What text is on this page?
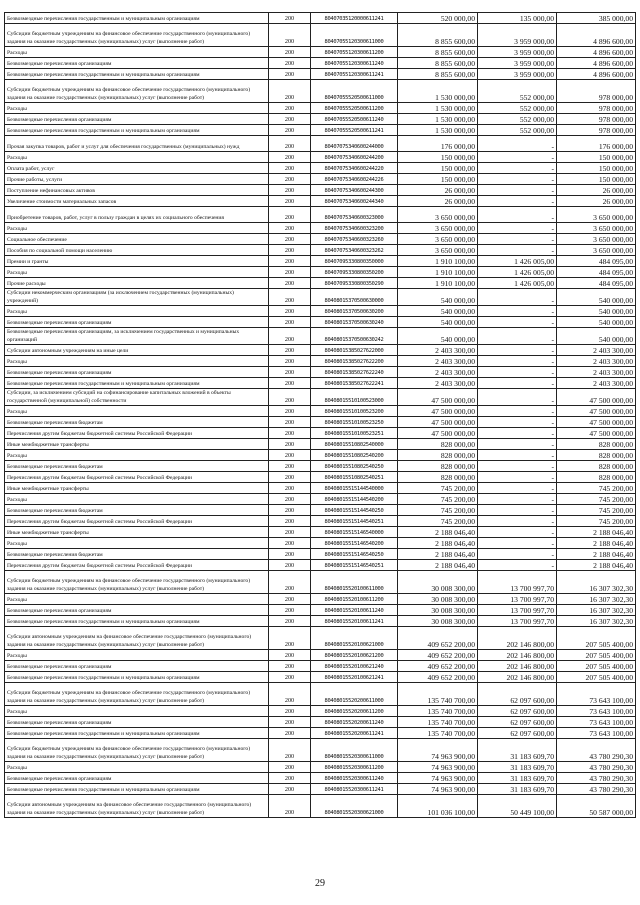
Безвозмездные перечисления государственным и муниципальным организациям	200	80407035120000611241	520 000,00	135 000,00	385 000,00
Субсидии бюджетным учреждениям на финансовое обеспечение государственного (муниципального) задания на оказание государственных (муниципальных) услуг (выполнение работ)	200	80407055120300611000	8 855 600,00	3 959 000,00	4 896 600,00
Расходы	200	80407055120300611200	8 855 600,00	3 959 000,00	4 896 600,00
Безвозмездные перечисления организациям	200	80407055120300611240	8 855 600,00	3 959 000,00	4 896 600,00
Безвозмездные перечисления государственным и муниципальным организациям	200	80407055120300611241	8 855 600,00	3 959 000,00	4 896 600,00
Субсидии бюджетным учреждениям на финансовое обеспечение государственного (муниципального) задания на оказание государственных (муниципальных) услуг (выполнение работ)	200	80407055520500611000	1 530 000,00	552 000,00	978 000,00
Расходы	200	80407055520500611200	1 530 000,00	552 000,00	978 000,00
Безвозмездные перечисления организациям	200	80407055520500611240	1 530 000,00	552 000,00	978 000,00
Безвозмездные перечисления государственным и муниципальным организациям	200	80407055520500611241	1 530 000,00	552 000,00	978 000,00
Прочая закупка товаров, работ и услуг для обеспечения государственных (муниципальных) нужд	200	80407075340600244000	176 000,00	-	176 000,00
Расходы	200	80407075340600244200	150 000,00	-	150 000,00
Оплата работ, услуг	200	80407075340600244220	150 000,00	-	150 000,00
Прочие работы, услуги	200	80407075340600244226	150 000,00	-	150 000,00
Поступление нефинансовых активов	200	80407075340600244300	26 000,00	-	26 000,00
Увеличение стоимости материальных запасов	200	80407075340600244340	26 000,00	-	26 000,00
Приобретение товаров, работ, услуг в пользу граждан в целях их социального обеспечения	200	80407075340600323000	3 650 000,00	-	3 650 000,00
Расходы	200	80407075340600323200	3 650 000,00	-	3 650 000,00
Социальное обеспечение	200	80407075340600323260	3 650 000,00	-	3 650 000,00
Пособия по социальной помощи населению	200	80407075340600323262	3 650 000,00	-	3 650 000,00
Премии и гранты	200	80407095330800350000	1 910 100,00	1 426 005,00	484 095,00
Расходы	200	80407095330800350200	1 910 100,00	1 426 005,00	484 095,00
Прочие расходы	200	80407095330800350290	1 910 100,00	1 426 005,00	484 095,00
Субсидии некоммерческим организациям (за исключением государственных (муниципальных) учреждений)	200	80408015370500630000	540 000,00	-	540 000,00
Расходы	200	80408015370500630200	540 000,00	-	540 000,00
Безвозмездные перечисления организациям	200	80408015370500630240	540 000,00	-	540 000,00
Безвозмездные перечисления организациям, за исключением государственных и муниципальных организаций	200	80408015370500630242	540 000,00	-	540 000,00
Субсидии автономным учреждениям на иные цели	200	80408015385027622000	2 403 300,00	-	2 403 300,00
Расходы	200	80408015385027622200	2 403 300,00	-	2 403 300,00
Безвозмездные перечисления организациям	200	80408015385027622240	2 403 300,00	-	2 403 300,00
Безвозмездные перечисления государственным и муниципальным организациям	200	80408015385027622241	2 403 300,00	-	2 403 300,00
Субсидии, за исключением субсидий на софинансирование капитальных вложений в объекты государственной (муниципальной) собственности	200	80408015510100523000	47 500 000,00	-	47 500 000,00
Расходы	200	80408015510100523200	47 500 000,00	-	47 500 000,00
Безвозмездные перечисления бюджетам	200	80408015510100523250	47 500 000,00	-	47 500 000,00
Перечисления другим бюджетам бюджетной системы Российской Федерации	200	80408015510100523251	47 500 000,00	-	47 500 000,00
Иные межбюджетные трансферты	200	80408015510802540000	828 000,00	-	828 000,00
Расходы	200	80408015510802540200	828 000,00	-	828 000,00
Безвозмездные перечисления бюджетам	200	80408015510802540250	828 000,00	-	828 000,00
Перечисления другим бюджетам бюджетной системы Российской Федерации	200	80408015510802540251	828 000,00	-	828 000,00
Иные межбюджетные трансферты	200	80408015515144540000	745 200,00	-	745 200,00
Расходы	200	80408015515144540200	745 200,00	-	745 200,00
Безвозмездные перечисления бюджетам	200	80408015515144540250	745 200,00	-	745 200,00
Перечисления другим бюджетам бюджетной системы Российской Федерации	200	80408015515144540251	745 200,00	-	745 200,00
Иные межбюджетные трансферты	200	80408015515146540000	2 188 046,40	-	2 188 046,40
Расходы	200	80408015515146540200	2 188 046,40	-	2 188 046,40
Безвозмездные перечисления бюджетам	200	80408015515146540250	2 188 046,40	-	2 188 046,40
Перечисления другим бюджетам бюджетной системы Российской Федерации	200	80408015515146540251	2 188 046,40	-	2 188 046,40
Субсидии бюджетным учреждениям на финансовое обеспечение государственного (муниципального) задания на оказание государственных (муниципальных) услуг (выполнение работ)	200	80408015520100611000	30 008 300,00	13 700 997,70	16 307 302,30
Расходы	200	80408015520100611200	30 008 300,00	13 700 997,70	16 307 302,30
Безвозмездные перечисления организациям	200	80408015520100611240	30 008 300,00	13 700 997,70	16 307 302,30
Безвозмездные перечисления государственным и муниципальным организациям	200	80408015520100611241	30 008 300,00	13 700 997,70	16 307 302,30
Субсидии автономным учреждениям на финансовое обеспечение государственного (муниципального) задания на оказание государственных (муниципальных) услуг (выполнение работ)	200	80408015520100621000	409 652 200,00	202 146 800,00	207 505 400,00
Расходы	200	80408015520100621200	409 652 200,00	202 146 800,00	207 505 400,00
Безвозмездные перечисления организациям	200	80408015520100621240	409 652 200,00	202 146 800,00	207 505 400,00
Безвозмездные перечисления государственным и муниципальным организациям	200	80408015520100621241	409 652 200,00	202 146 800,00	207 505 400,00
Субсидии бюджетным учреждениям на финансовое обеспечение государственного (муниципального) задания на оказание государственных (муниципальных) услуг (выполнение работ)	200	80408015520200611000	135 740 700,00	62 097 600,00	73 643 100,00
Расходы	200	80408015520200611200	135 740 700,00	62 097 600,00	73 643 100,00
Безвозмездные перечисления организациям	200	80408015520200611240	135 740 700,00	62 097 600,00	73 643 100,00
Безвозмездные перечисления государственным и муниципальным организациям	200	80408015520200611241	135 740 700,00	62 097 600,00	73 643 100,00
Субсидии бюджетным учреждениям на финансовое обеспечение государственного (муниципального) задания на оказание государственных (муниципальных) услуг (выполнение работ)	200	80408015520300611000	74 963 900,00	31 183 609,70	43 780 290,30
Расходы	200	80408015520300611200	74 963 900,00	31 183 609,70	43 780 290,30
Безвозмездные перечисления организациям	200	80408015520300611240	74 963 900,00	31 183 609,70	43 780 290,30
Безвозмездные перечисления государственным и муниципальным организациям	200	80408015520300611241	74 963 900,00	31 183 609,70	43 780 290,30
Субсидии автономным учреждениям на финансовое обеспечение государственного (муниципального) задания на оказание государственных (муниципальных) услуг (выполнение работ)	200	80408015520300621000	101 036 100,00	50 449 100,00	50 587 000,00
29
